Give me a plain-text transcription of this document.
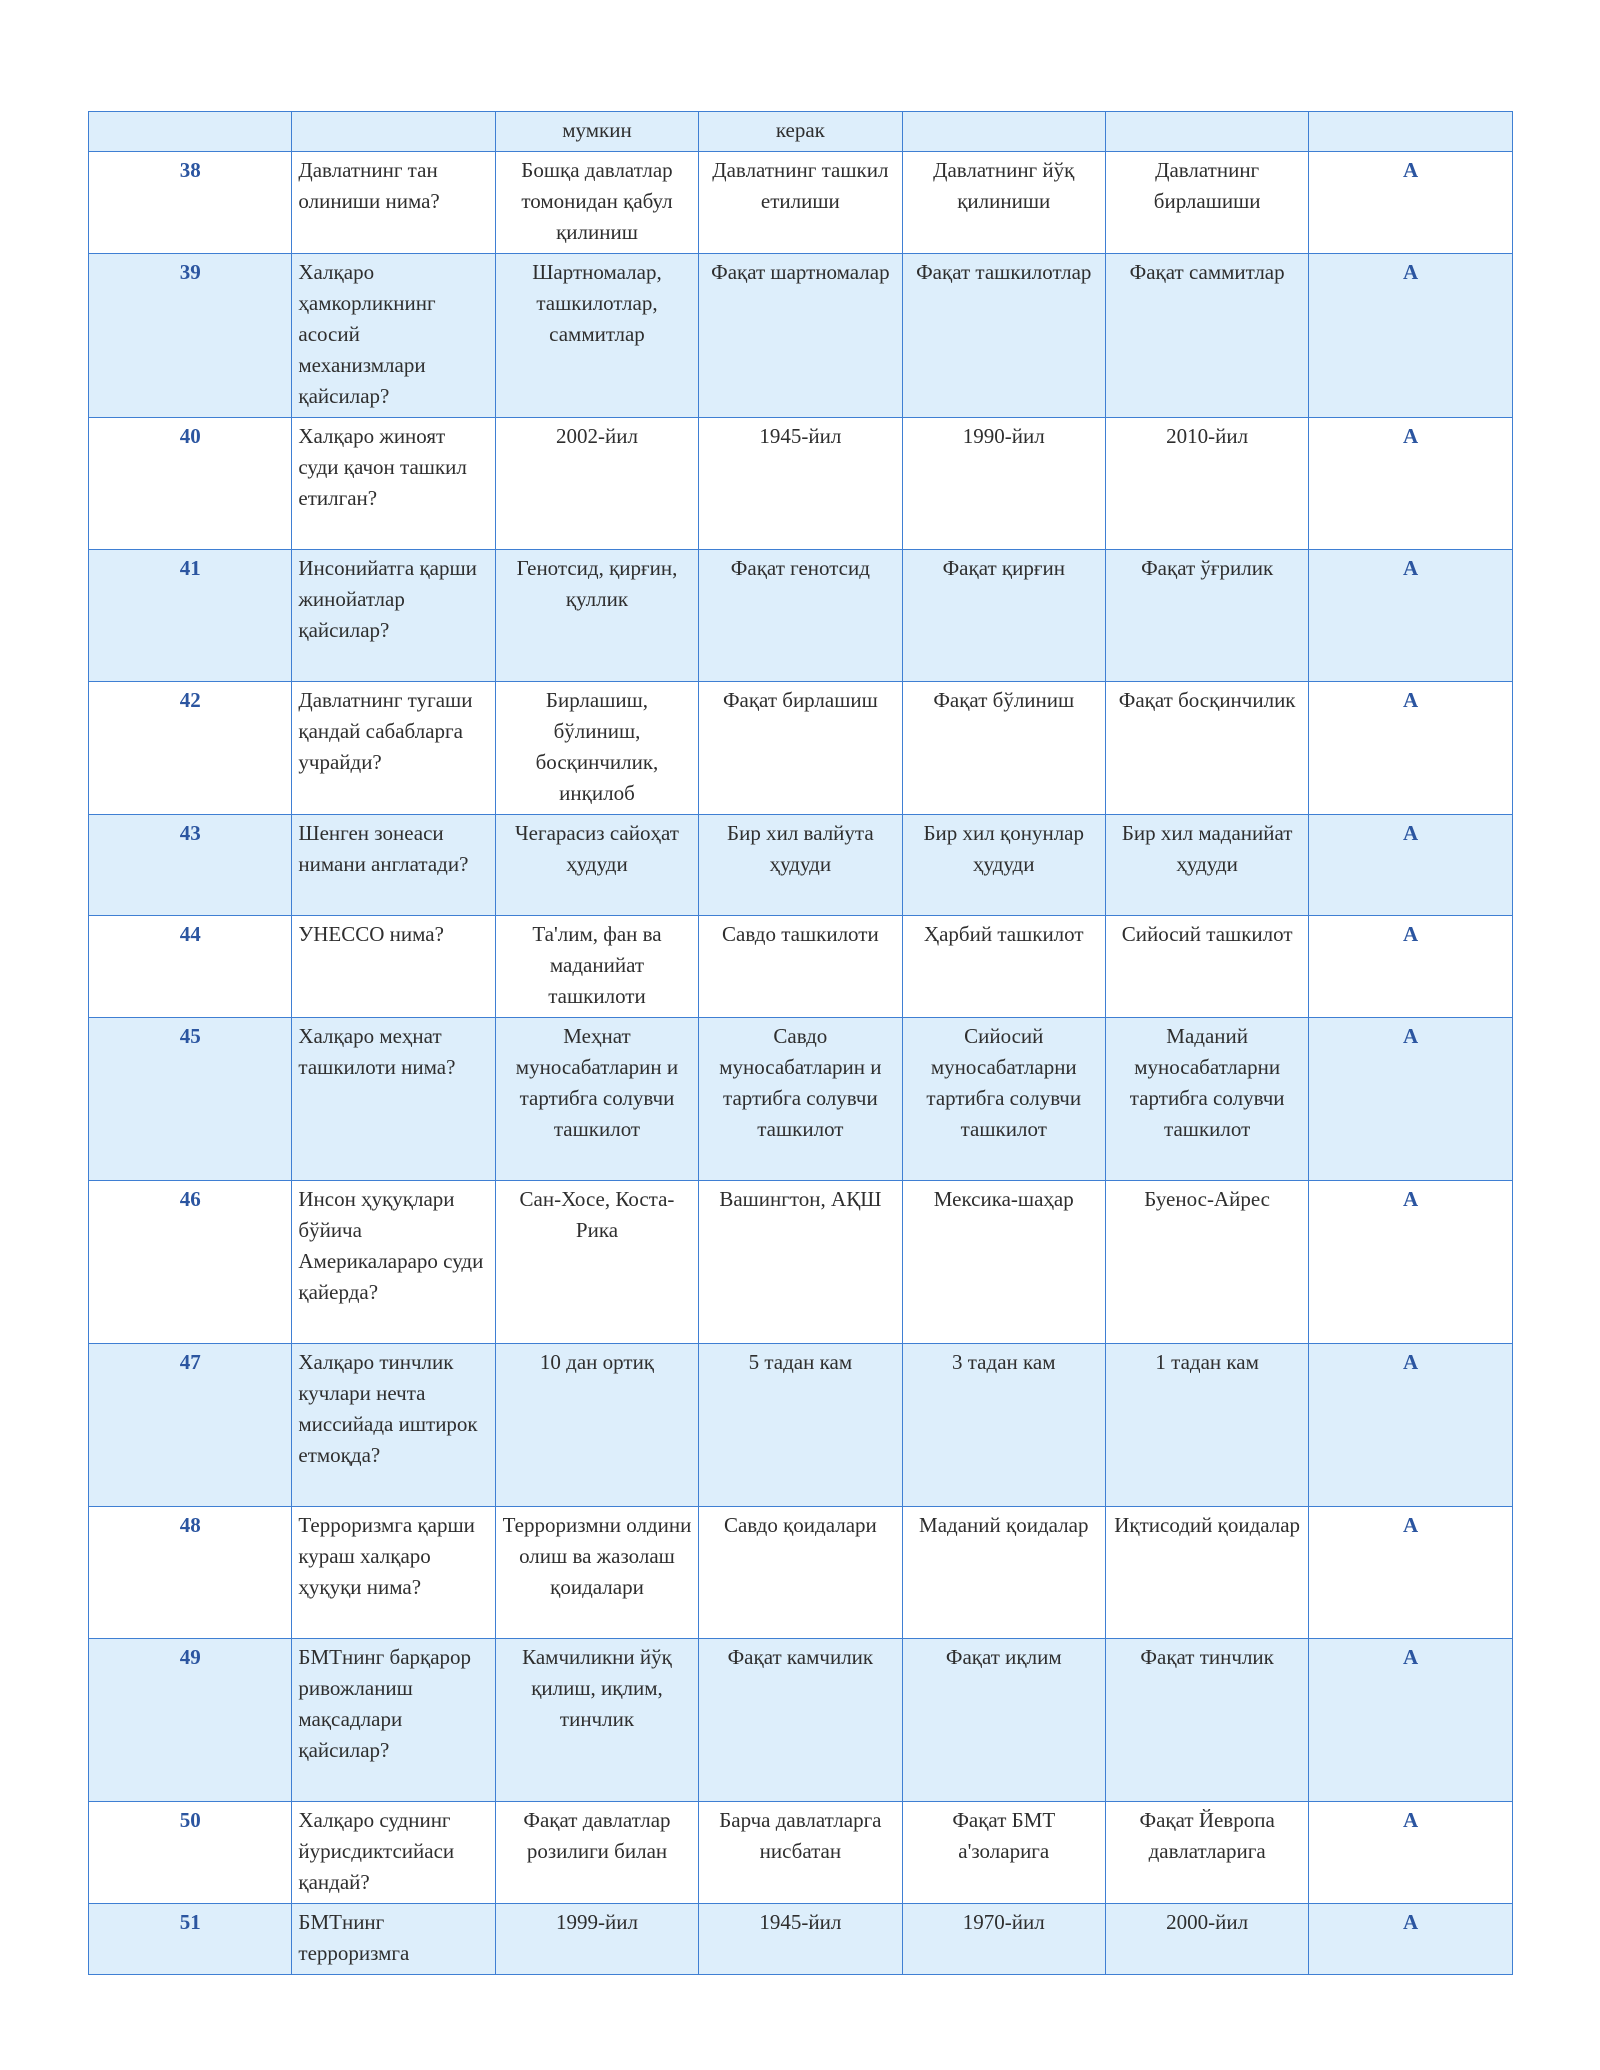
		мумкин	керак			
38	Давлатнинг тан олиниши нима?	Бошқа давлатлар томонидан қабул қилиниш	Давлатнинг ташкил етилиши	Давлатнинг йўқ қилиниши	Давлатнинг бирлашиши	A
39	Халқаро ҳамкорликнинг асосий механизмлари қайсилар?	Шартномалар, ташкилотлар, саммитлар	Фақат шартномалар	Фақат ташкилотлар	Фақат саммитлар	A
40	Халқаро жиноят суди қачон ташкил етилган?	2002-йил	1945-йил	1990-йил	2010-йил	A
41	Инсонийатга қарши жинойатлар қайсилар?	Генотсид, қирғин, қуллик	Фақат генотсид	Фақат қирғин	Фақат ўғрилик	A
42	Давлатнинг тугаши қандай сабабларга учрайди?	Бирлашиш, бўлиниш, босқинчилик, инқилоб	Фақат бирлашиш	Фақат бўлиниш	Фақат босқинчилик	A
43	Шенген зонеаси нимани англатади?	Чегарасиз сайоҳат ҳудуди	Бир хил валйута ҳудуди	Бир хил қонунлар ҳудуди	Бир хил маданийат ҳудуди	A
44	УНЕССО нима?	Та'лим, фан ва маданийат ташкилоти	Савдо ташкилоти	Ҳарбий ташкилот	Сийосий ташкилот	A
45	Халқаро меҳнат ташкилоти нима?	Меҳнат муносабатларин и тартибга солувчи ташкилот	Савдо муносабатларин и тартибга солувчи ташкилот	Сийосий муносабатларни тартибга солувчи ташкилот	Маданий муносабатларни тартибга солувчи ташкилот	A
46	Инсон ҳуқуқлари бўйича Америкалараро суди қайерда?	Сан-Хосе, Коста-Рика	Вашингтон, АҚШ	Мексика-шаҳар	Буенос-Айрес	A
47	Халқаро тинчлик кучлари нечта миссийада иштирок етмоқда?	10 дан ортиқ	5 тадан кам	3 тадан кам	1 тадан кам	A
48	Терроризмга қарши кураш халқаро ҳуқуқи нима?	Терроризмни олдини олиш ва жазолаш қоидалари	Савдо қоидалари	Маданий қоидалар	Иқтисодий қоидалар	A
49	БМТнинг барқарор ривожланиш мақсадлари қайсилар?	Камчиликни йўқ қилиш, иқлим, тинчлик	Фақат камчилик	Фақат иқлим	Фақат тинчлик	A
50	Халқаро суднинг йурисдиктсийаси қандай?	Фақат давлатлар розилиги билан	Барча давлатларга нисбатан	Фақат БМТ а'золарига	Фақат Йевропа давлатларига	A
51	БМТнинг терроризмга	1999-йил	1945-йил	1970-йил	2000-йил	A
